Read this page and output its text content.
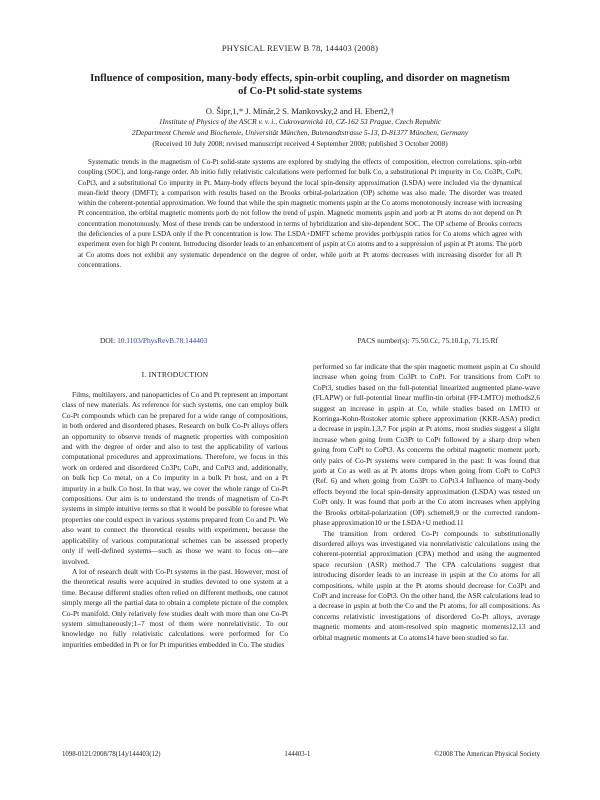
PHYSICAL REVIEW B 78, 144403 (2008)
Influence of composition, many-body effects, spin-orbit coupling, and disorder on magnetism
of Co-Pt solid-state systems
O. Šipr,1,* J. Minár,2 S. Mankovsky,2 and H. Ebert2,†
1Institute of Physics of the ASCR v. v. i., Cukrovarnická 10, CZ-162 53 Prague, Czech Republic
2Department Chemie und Biochemie, Universität München, Butenandtstrasse 5-13, D-81377 München, Germany
(Received 10 July 2008; revised manuscript received 4 September 2008; published 3 October 2008)

Systematic trends in the magnetism of Co-Pt solid-state systems are explored by studying the effects of composition, electron correlations, spin-orbit coupling (SOC), and long-range order. Ab initio fully relativistic calculations were performed for bulk Co, a substitutional Pt impurity in Co, Co3Pt, CoPt, CoPt3, and a substitutional Co impurity in Pt. Many-body effects beyond the local spin-density approximation (LSDA) were included via the dynamical mean-field theory (DMFT); a comparison with results based on the Brooks orbital-polarization (OP) scheme was also made. The disorder was treated within the coherent-potential approximation. We found that while the spin magnetic moments μspin at the Co atoms monotonously increase with increasing Pt concentration, the orbital magnetic moments μorb do not follow the trend of μspin. Magnetic moments μspin and μorb at Pt atoms do not depend on Pt concentration monotonously. Most of these trends can be understood in terms of hybridization and site-dependent SOC. The OP scheme of Brooks corrects the deficiencies of a pure LSDA only if the Pt concentration is low. The LSDA+DMFT scheme provides μorb/μspin ratios for Co atoms which agree with experiment even for high Pt content. Introducing disorder leads to an enhancement of μspin at Co atoms and to a suppression of μspin at Pt atoms. The μorb at Co atoms does not exhibit any systematic dependence on the degree of order, while μorb at Pt atoms decreases with increasing disorder for all Pt concentrations.

DOI: 10.1103/PhysRevB.78.144403	PACS number(s): 75.50.Cc, 75.10.Lp, 71.15.Rf
I. INTRODUCTION

Films, multilayers, and nanoparticles of Co and Pt represent an important class of new materials. As reference for such systems, one can employ bulk Co-Pt compounds which can be prepared for a wide range of compositions, in both ordered and disordered phases. Research on bulk Co-Pt alloys offers an opportunity to observe trends of magnetic properties with composition and with the degree of order and also to test the applicability of various computational procedures and approximations. Therefore, we focus in this work on ordered and disordered Co3Pt, CoPt, and CoPt3 and, additionally, on bulk hcp Co metal, on a Co impurity in a bulk Pt host, and on a Pt impurity in a bulk Co host. In that way, we cover the whole range of Co-Pt compositions. Our aim is to understand the trends of magnetism of Co-Pt systems in simple intuitive terms so that it would be possible to foresee what properties one could expect in various systems prepared from Co and Pt. We also want to connect the theoretical results with experiment, because the applicability of various computational schemes can be assessed properly only if well-defined systems—such as those we want to focus on—are involved.

A lot of research dealt with Co-Pt systems in the past. However, most of the theoretical results were acquired in studies devoted to one system at a time. Because different studies often relied on different methods, one cannot simply merge all the partial data to obtain a complete picture of the complex Co-Pt manifold. Only relatively few studies dealt with more than one Co-Pt system simultaneously;1–7 most of them were nonrelativistic. To our knowledge no fully relativistic calculations were performed for Co impurities embedded in Pt or for Pt impurities embedded in Co. The studies

performed so far indicate that the spin magnetic moment μspin at Co should increase when going from Co3Pt to CoPt. For transitions from CoPt to CoPt3, studies based on the full-potential linearized augmented plane-wave (FLAPW) or full-potential linear muffin-tin orbital (FP-LMTO) methods2,6 suggest an increase in μspin at Co, while studies based on LMTO or Korringa-Kohn-Rostoker atomic sphere approximation (KKR-ASA) predict a decrease in μspin.1,3,7 For μspin at Pt atoms, most studies suggest a slight increase when going from Co3Pt to CoPt followed by a sharp drop when going from CoPt to CoPt3. As concerns the orbital magnetic moment μorb, only pairs of Co-Pt systems were compared in the past: It was found that μorb at Co as well as at Pt atoms drops when going from CoPt to CoPt3 (Ref. 6) and when going from Co3Pt to CoPt3.4 Influence of many-body effects beyond the local spin-density approximation (LSDA) was tested on CoPt only. It was found that μorb at the Co atom increases when applying the Brooks orbital-polarization (OP) scheme8,9 or the corrected random-phase approximation10 or the LSDA+U method.11

The transition from ordered Co-Pt compounds to substitutionally disordered alloys was investigated via nonrelativistic calculations using the coherent-potential approximation (CPA) method and using the augmented space recursion (ASR) method.7 The CPA calculations suggest that introducing disorder leads to an increase in μspin at the Co atoms for all compositions, while μspin at the Pt atoms should decrease for Co3Pt and CoPt and increase for CoPt3. On the other hand, the ASR calculations lead to a decrease in μspin at both the Co and the Pt atoms, for all compositions. As concerns relativistic investigations of disordered Co-Pt alloys, average magnetic moments and atom-resolved spin magnetic moments12,13 and orbital magnetic moments at Co atoms14 have been studied so far.

1098-0121/2008/78(14)/144403(12)	144403-1	©2008 The American Physical Society
